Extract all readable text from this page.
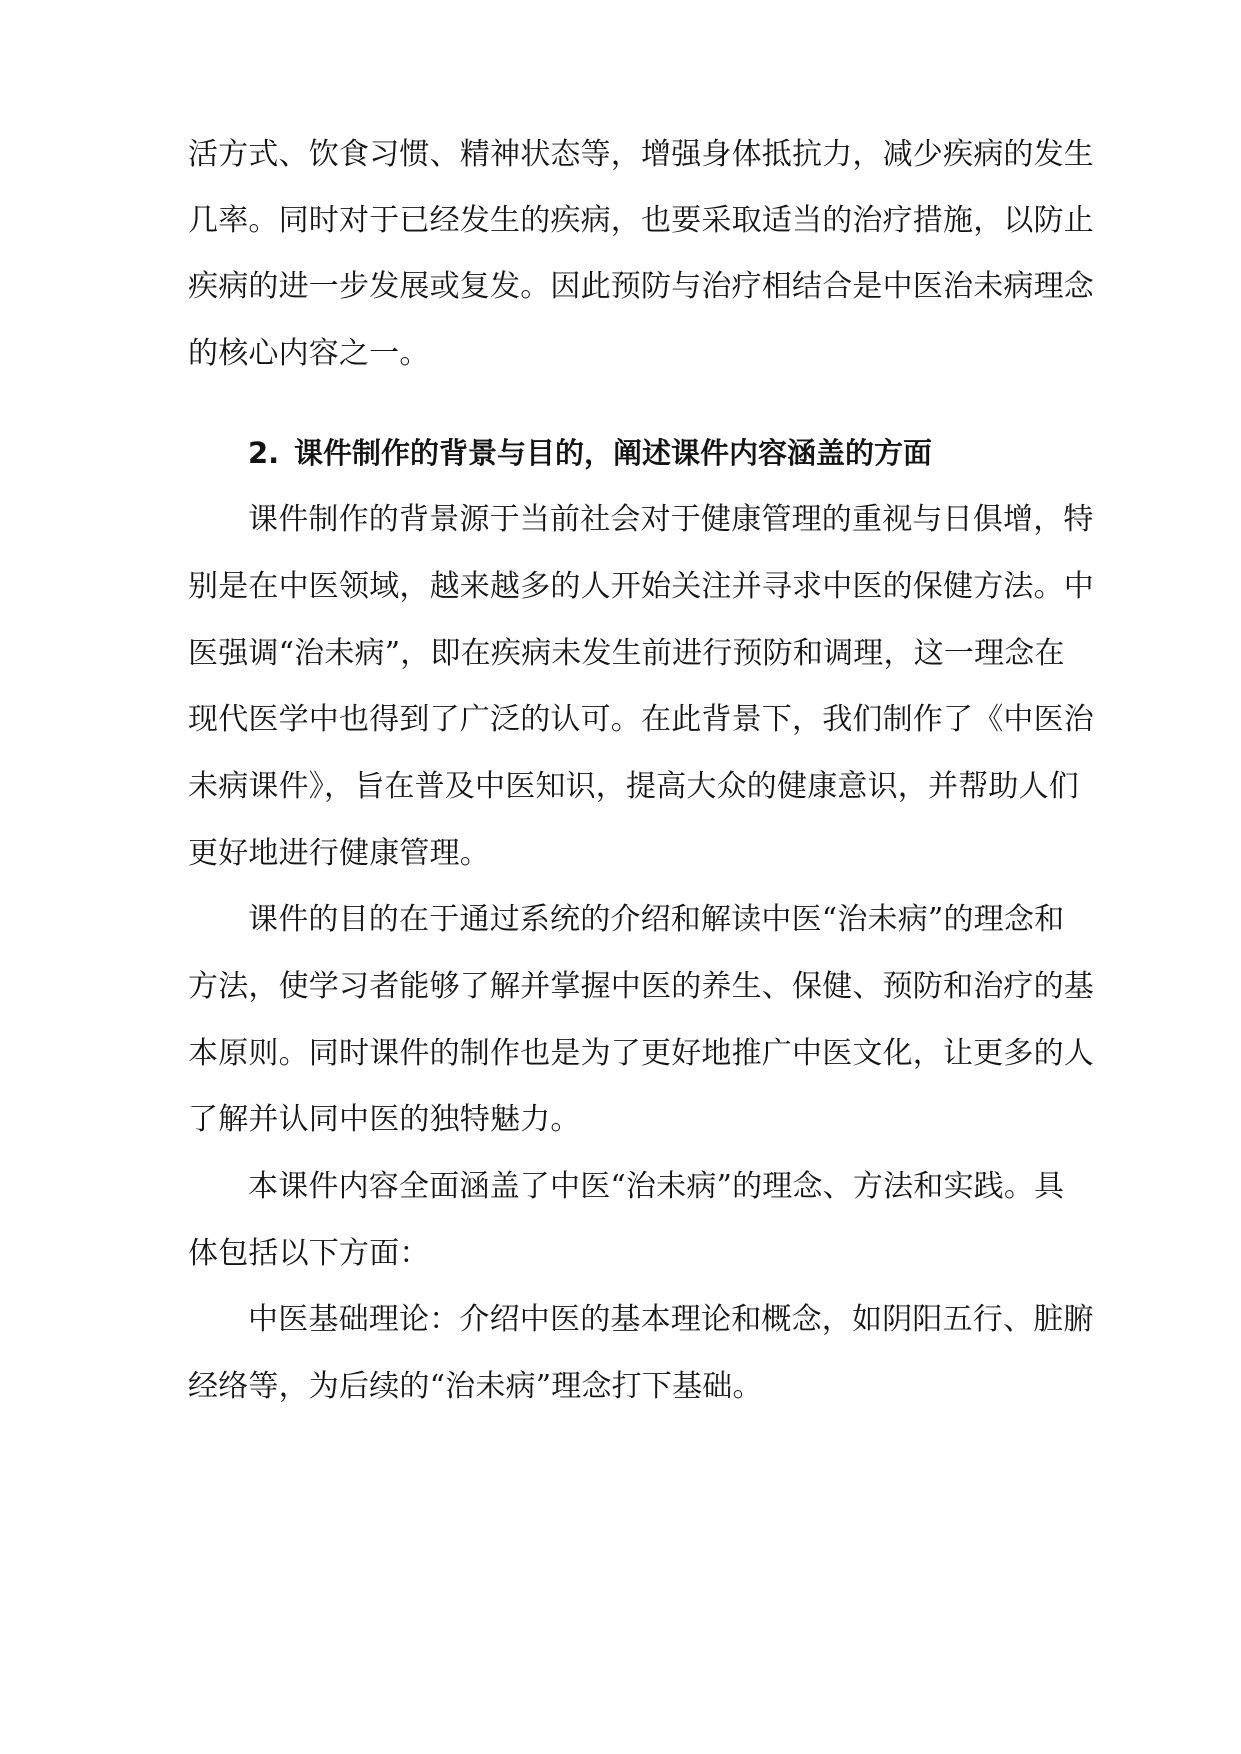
活方式、饮食习惯、精神状态等，增强身体抵抗力，减少疾病的发生
几率。同时对于已经发生的疾病，也要采取适当的治疗措施，以防止
疾病的进一步发展或复发。因此预防与治疗相结合是中医治未病理念
的核心内容之一。
2. 课件制作的背景与目的，阐述课件内容涵盖的方面
课件制作的背景源于当前社会对于健康管理的重视与日俱增，特
别是在中医领域，越来越多的人开始关注并寻求中医的保健方法。中
医强调“治未病”，即在疾病未发生前进行预防和调理，这一理念在
现代医学中也得到了广泛的认可。在此背景下，我们制作了《中医治
未病课件》，旨在普及中医知识，提高大众的健康意识，并帮助人们
更好地进行健康管理。
课件的目的在于通过系统的介绍和解读中医“治未病”的理念和
方法，使学习者能够了解并掌握中医的养生、保健、预防和治疗的基
本原则。同时课件的制作也是为了更好地推广中医文化，让更多的人
了解并认同中医的独特魅力。
本课件内容全面涵盖了中医“治未病”的理念、方法和实践。具
体包括以下方面：
中医基础理论：介绍中医的基本理论和概念，如阴阳五行、脏腑
经络等，为后续的“治未病”理念打下基础。
